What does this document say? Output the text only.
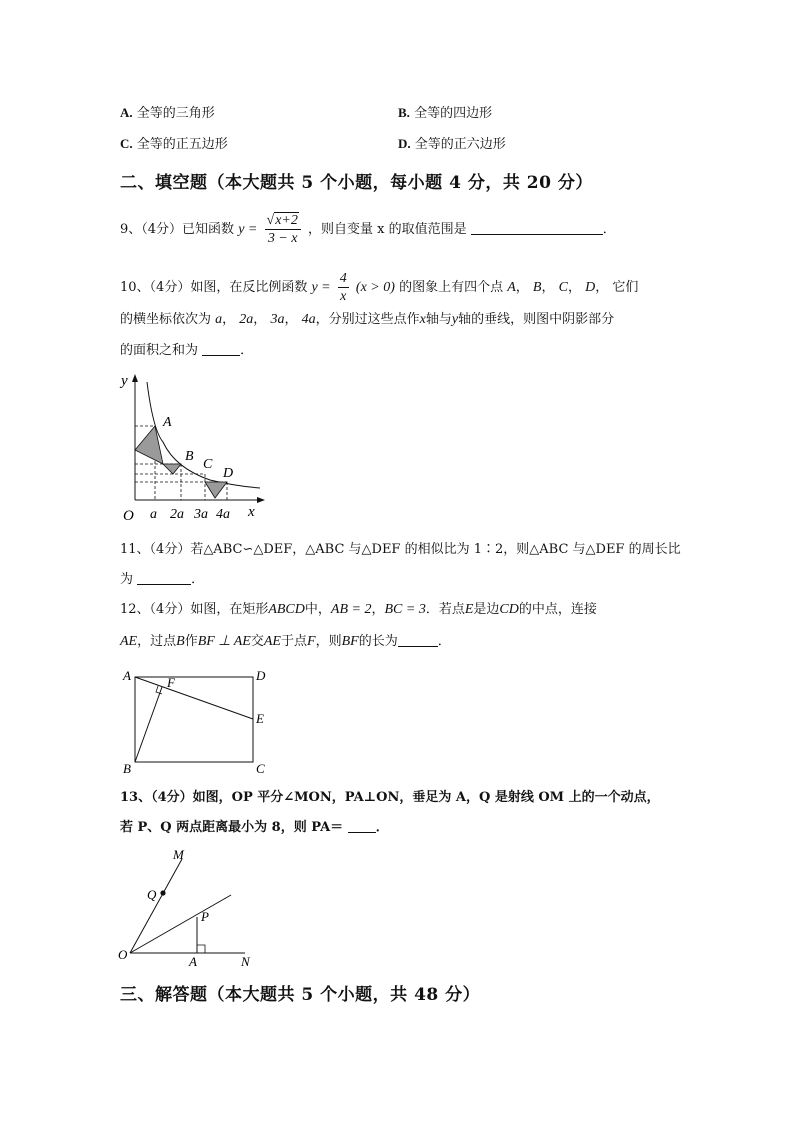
A. 全等的三角形	B. 全等的四边形
C. 全等的正五边形	D. 全等的正六边形
二、填空题（本大题共 5 个小题，每小题 4 分，共 20 分）
9、（4分）已知函数 $y = \frac{√x+2}{3 - x}$ ，则自变量 x 的取值范围是	．
10、（4分）如图，在反比例函数 $y = \frac{4}{x} (x > 0)$ 的图象上有四个点 A， B， C， D， 它们
的横坐标依次为 a， 2a， 3a， 4a，分别过这些点作x轴与y轴的垂线，则图中阴影部分
的面积之和为	．
y
O	x
A
B
C
D
a 2a 3a 4a
11、（4分）若△ABC∽△DEF，△ABC 与△DEF 的相似比为 1∶2，则△ABC 与△DEF 的周长比
为	．
12、（4分）如图，在矩形ABCD中，AB = 2，BC = 3．若点E是边CD的中点，连接
AE，过点B作BF ⊥ AE交AE于点F，则BF的长为	．
A	D
B	C
E
F
13、（4分）如图，OP 平分∠MON，PA⊥ON，垂足为 A，Q 是射线 OM 上的一个动点，
若 P、Q 两点距离最小为 8，则 PA＝	．
M
Q
P
O	A	N
三、解答题（本大题共 5 个小题，共 48 分）
